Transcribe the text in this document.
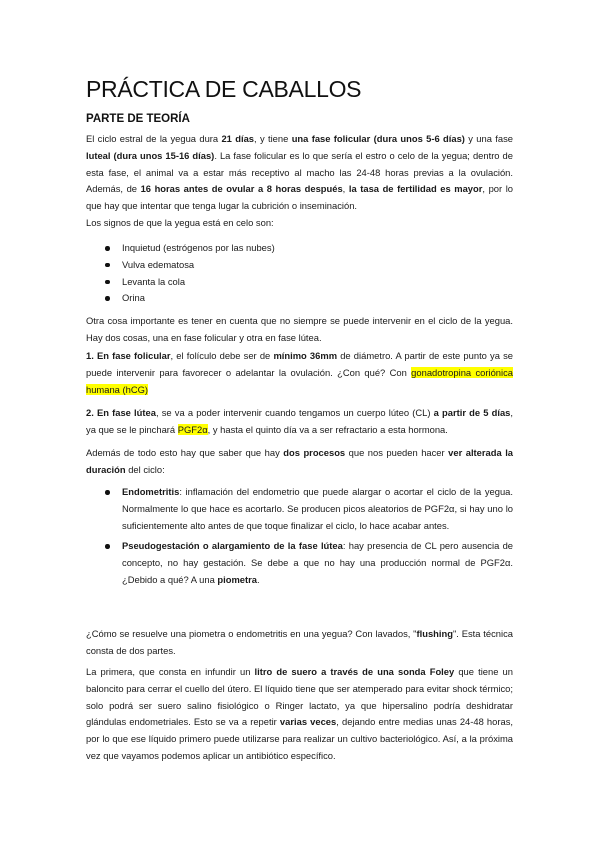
PRÁCTICA DE CABALLOS
PARTE DE TEORÍA

El ciclo estral de la yegua dura 21 días, y tiene una fase folicular (dura unos 5-6 días) y una fase luteal (dura unos 15-16 días). La fase folicular es lo que sería el estro o celo de la yegua; dentro de esta fase, el animal va a estar más receptivo al macho las 24-48 horas previas a la ovulación. Además, de 16 horas antes de ovular a 8 horas después, la tasa de fertilidad es mayor, por lo que hay que intentar que tenga lugar la cubrición o inseminación.

Los signos de que la yegua está en celo son:

Inquietud (estrógenos por las nubes)
Vulva edematosa
Levanta la cola
Orina

Otra cosa importante es tener en cuenta que no siempre se puede intervenir en el ciclo de la yegua. Hay dos cosas, una en fase folicular y otra en fase lútea.

1. En fase folicular, el folículo debe ser de mínimo 36mm de diámetro. A partir de este punto ya se puede intervenir para favorecer o adelantar la ovulación. ¿Con qué? Con gonadotropina coriónica humana (hCG)

2. En fase lútea, se va a poder intervenir cuando tengamos un cuerpo lúteo (CL) a partir de 5 días, ya que se le pinchará PGF2α, y hasta el quinto día va a ser refractario a esta hormona.

Además de todo esto hay que saber que hay dos procesos que nos pueden hacer ver alterada la duración del ciclo:

Endometritis: inflamación del endometrio que puede alargar o acortar el ciclo de la yegua. Normalmente lo que hace es acortarlo. Se producen picos aleatorios de PGF2α, si hay uno lo suficientemente alto antes de que toque finalizar el ciclo, lo hace acabar antes.
Pseudogestación o alargamiento de la fase lútea: hay presencia de CL pero ausencia de concepto, no hay gestación. Se debe a que no hay una producción normal de PGF2α. ¿Debido a qué? A una piometra.

¿Cómo se resuelve una piometra o endometritis en una yegua? Con lavados, "flushing". Esta técnica consta de dos partes.

La primera, que consta en infundir un litro de suero a través de una sonda Foley que tiene un baloncito para cerrar el cuello del útero. El líquido tiene que ser atemperado para evitar shock térmico; solo podrá ser suero salino fisiológico o Ringer lactato, ya que hipersalino podría deshidratar glándulas endometriales. Esto se va a repetir varias veces, dejando entre medias unas 24-48 horas, por lo que ese líquido primero puede utilizarse para realizar un cultivo bacteriológico. Así, a la próxima vez que vayamos podemos aplicar un antibiótico específico.
